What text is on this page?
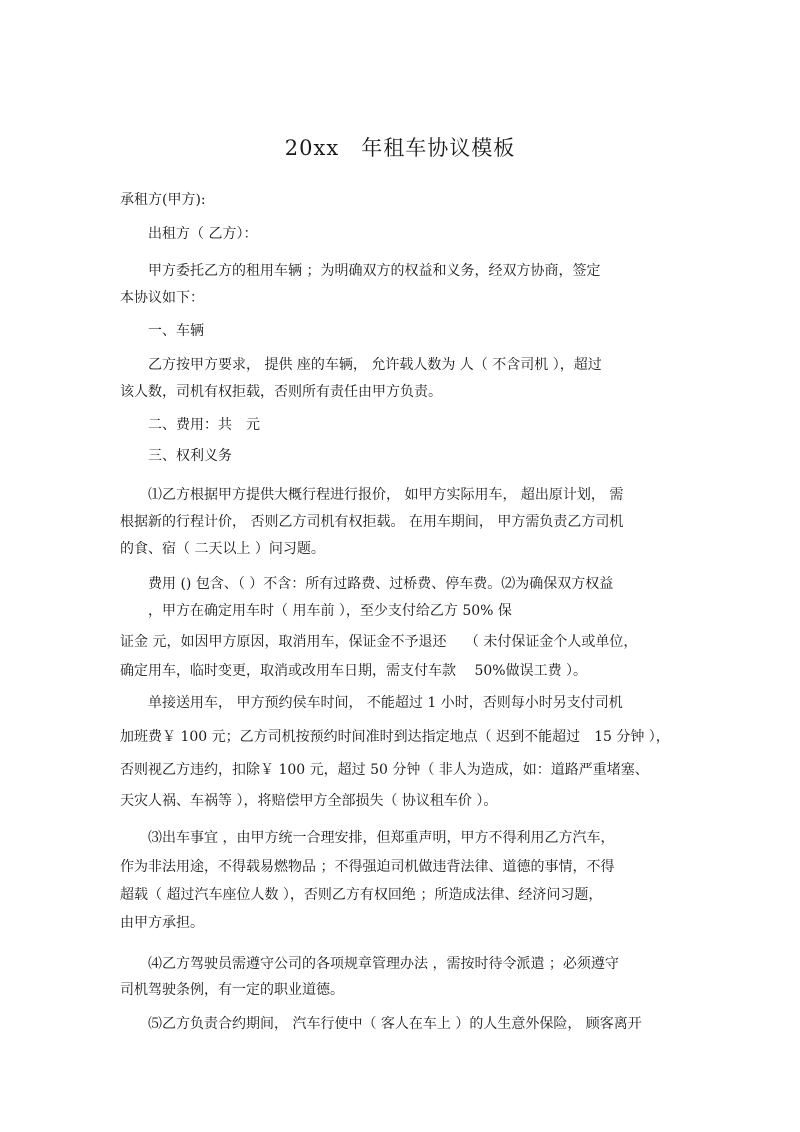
20xx　年租车协议模板
承租方(甲方):
出租方（ 乙方）：
甲方委托乙方的租用车辆 ；为明确双方的权益和义务，经双方协商，签定
本协议如下：
一、车辆
乙方按甲方要求， 提供 座的车辆， 允许载人数为 人（ 不含司机 ），超过
该人数，司机有权拒载，否则所有责任由甲方负责。
二、费用：共　元
三、权利义务
⑴乙方根据甲方提供大概行程进行报价， 如甲方实际用车， 超出原计划， 需
根据新的行程计价， 否则乙方司机有权拒载。 在用车期间， 甲方需负责乙方司机
的食、宿（ 二天以上 ）问习题。
费用 () 包含、（ ）不含：所有过路费、过桥费、停车费。⑵为确保双方权益
，甲方在确定用车时（ 用车前 ），至少支付给乙方 50% 保
证金 元，如因甲方原因，取消用车，保证金不予退还　 （ 未付保证金个人或单位，
确定用车，临时变更，取消或改用车日期，需支付车款　 50%做误工费 ）。
单接送用车， 甲方预约侯车时间， 不能超过 1 小时，否则每小时另支付司机
加班费￥ 100 元；乙方司机按预约时间准时到达指定地点（ 迟到不能超过　15 分钟 ），
否则视乙方违约，扣除￥ 100 元，超过 50 分钟（ 非人为造成，如：道路严重堵塞、
天灾人祸、车祸等 ），将赔偿甲方全部损失（ 协议租车价 ）。
⑶出车事宜 ，由甲方统一合理安排，但郑重声明，甲方不得利用乙方汽车，
作为非法用途，不得载易燃物品 ；不得强迫司机做违背法律、道德的事情，不得
超载（ 超过汽车座位人数 ），否则乙方有权回绝 ；所造成法律、经济问习题，
由甲方承担。
⑷乙方驾驶员需遵守公司的各项规章管理办法 ，需按时待令派遣 ；必须遵守
司机驾驶条例，有一定的职业道德。
⑸乙方负责合约期间， 汽车行使中（ 客人在车上 ）的人生意外保险， 顾客离开
